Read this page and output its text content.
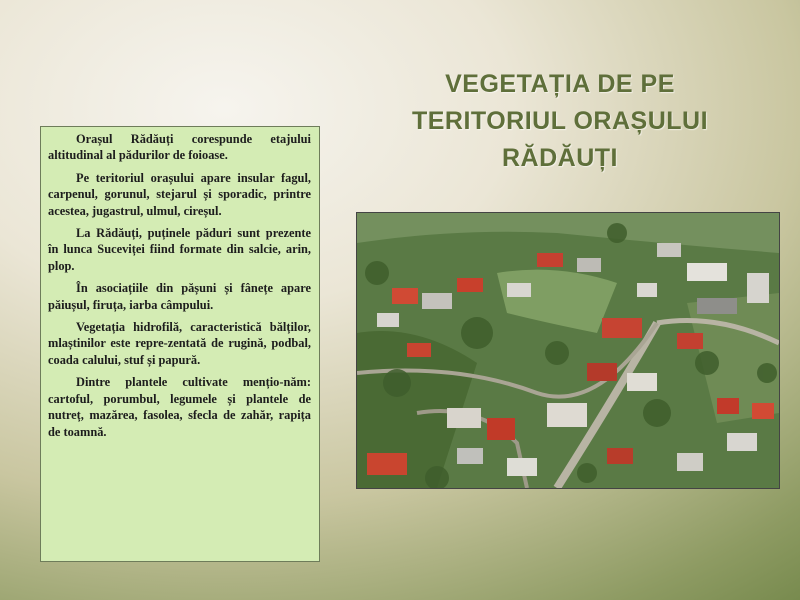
VEGETAȚIA DE PE
TERITORIUL ORAȘULUI
RĂDĂUȚI

Orașul Rădăuți corespunde etajului altitudinal al pădurilor de foioase.

Pe teritoriul orașului apare insular fagul, carpenul, gorunul, stejarul și sporadic, printre acestea, jugastrul, ulmul, cireșul.

La Rădăuți, puținele păduri sunt prezente în lunca Suceviței fiind formate din salcie, arin, plop.

În asociațiile din pășuni și fânețe apare păiușul, firuța, iarba câmpului.

Vegetația hidrofilă, caracteristică bălților, mlaștinilor este repre-zentată de rugină, podbal, coada calului, stuf și papură.

Dintre plantele cultivate mențio-năm: cartoful, porumbul, legumele și plantele de nutreț, mazărea, fasolea, sfecla de zahăr, rapița de toamnă.
